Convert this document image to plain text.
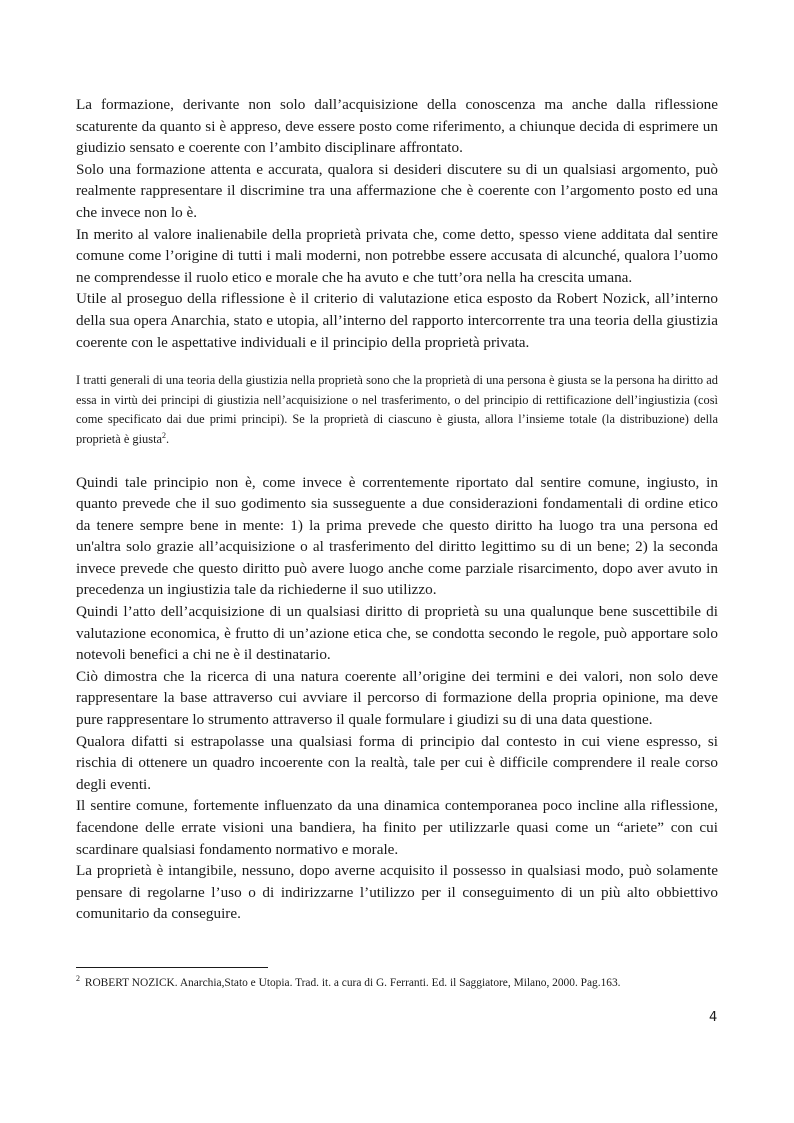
La formazione, derivante non solo dall’acquisizione della conoscenza ma anche dalla riflessione scaturente da quanto si è appreso, deve essere posto come riferimento, a chiunque decida di esprimere un giudizio sensato e coerente con l’ambito disciplinare affrontato.

Solo una formazione attenta e accurata, qualora si desideri discutere su di un qualsiasi argomento, può realmente rappresentare il discrimine tra una affermazione che è coerente con l’argomento posto ed una che invece non lo è.

In merito al valore inalienabile della proprietà privata che, come detto, spesso viene additata dal sentire comune come l’origine di tutti i mali moderni, non potrebbe essere accusata di alcunché, qualora l’uomo ne comprendesse il ruolo etico e morale che ha avuto e che tutt’ora nella ha crescita umana.

Utile al proseguo della riflessione è il criterio di valutazione etica esposto da Robert Nozick, all’interno della sua opera Anarchia, stato e utopia, all’interno del rapporto intercorrente tra una teoria della giustizia coerente con le aspettative individuali e il principio della proprietà privata.

I tratti generali di una teoria della giustizia nella proprietà sono che la proprietà di una persona è giusta se la persona ha diritto ad essa in virtù dei principi di giustizia nell’acquisizione o nel trasferimento, o del principio di rettificazione dell’ingiustizia (così come specificato dai due primi principi). Se la proprietà di ciascuno è giusta, allora l’insieme totale (la distribuzione) della proprietà è giusta$^2$.

Quindi tale principio non è, come invece è correntemente riportato dal sentire comune, ingiusto, in quanto prevede che il suo godimento sia susseguente a due considerazioni fondamentali di ordine etico da tenere sempre bene in mente: 1) la prima prevede che questo diritto ha luogo tra una persona ed un'altra solo grazie all’acquisizione o al trasferimento del diritto legittimo su di un bene; 2) la seconda invece prevede che questo diritto può avere luogo anche come parziale risarcimento, dopo aver avuto in precedenza un ingiustizia tale da richiederne il suo utilizzo.

Quindi l’atto dell’acquisizione di un qualsiasi diritto di proprietà su una qualunque bene suscettibile di valutazione economica, è frutto di un’azione etica che, se condotta secondo le regole, può apportare solo notevoli benefici a chi ne è il destinatario.

Ciò dimostra che la ricerca di una natura coerente all’origine dei termini e dei valori, non solo deve rappresentare la base attraverso cui avviare il percorso di formazione della propria opinione, ma deve pure rappresentare lo strumento attraverso il quale formulare i giudizi su di una data questione.

Qualora difatti si estrapolasse una qualsiasi forma di principio dal contesto in cui viene espresso, si rischia di ottenere un quadro incoerente con la realtà, tale per cui è difficile comprendere il reale corso degli eventi.

Il sentire comune, fortemente influenzato da una dinamica contemporanea poco incline alla riflessione, facendone delle errate visioni una bandiera, ha finito per utilizzarle quasi come un “ariete” con cui scardinare qualsiasi fondamento normativo e morale.

La proprietà è intangibile, nessuno, dopo averne acquisito il possesso in qualsiasi modo, può solamente pensare di regolarne l’uso o di indirizzarne l’utilizzo per il conseguimento di un più alto obbiettivo comunitario da conseguire.

$^2$ ROBERT NOZICK. Anarchia,Stato e Utopia. Trad. it. a cura di G. Ferranti. Ed. il Saggiatore, Milano, 2000. Pag.163.
4
